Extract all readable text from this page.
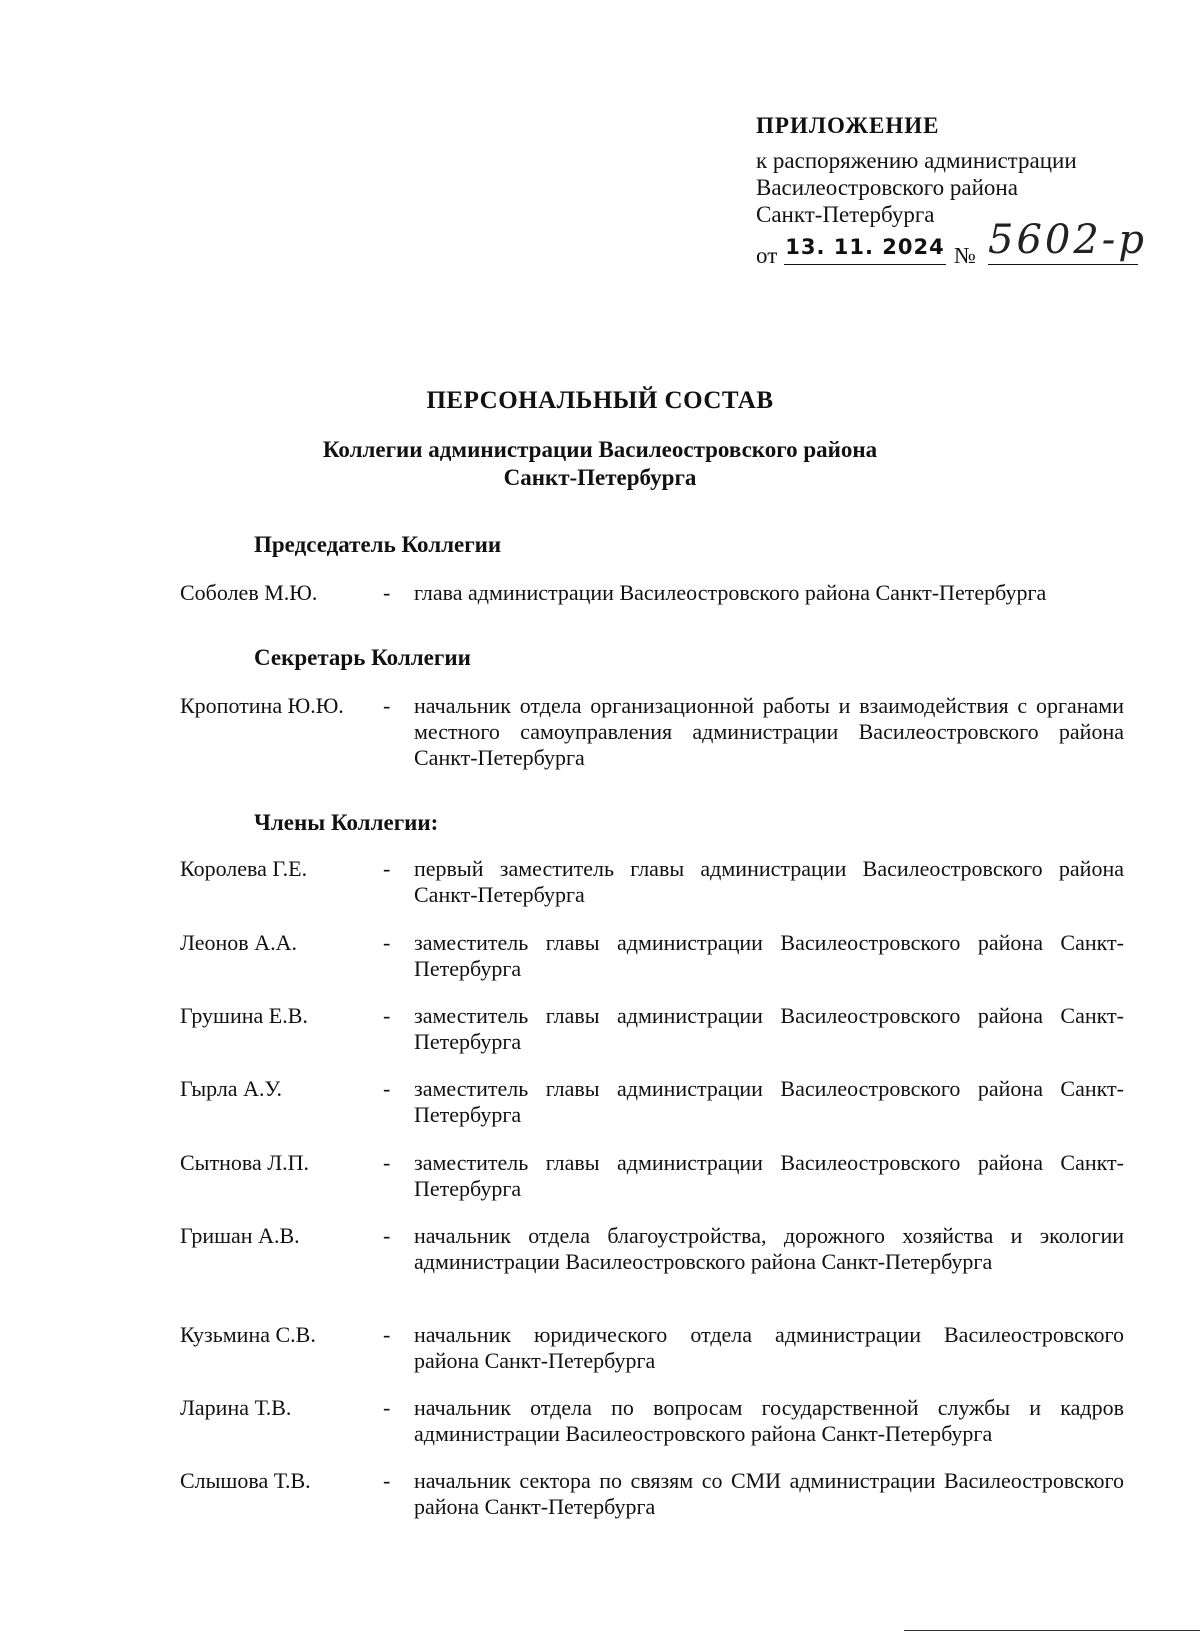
ПРИЛОЖЕНИЕ
к распоряжению администрации
Василеостровского района
Санкт-Петербурга
от 13. 11. 2024 № 5602-р
ПЕРСОНАЛЬНЫЙ СОСТАВ
Коллегии администрации Василеостровского района
Санкт-Петербурга
Председатель Коллегии
Соболев М.Ю.	- глава администрации Василеостровского района Санкт-Петербурга
Секретарь Коллегии
Кропотина Ю.Ю. - начальник отдела организационной работы и взаимодействия с органами местного самоуправления администрации Василеостровского района Санкт-Петербурга
Члены Коллегии:
Королева Г.Е.	- первый заместитель главы администрации Василеостровского района Санкт-Петербурга
Леонов А.А.	- заместитель главы администрации Василеостровского района Санкт-Петербурга
Грушина Е.В.	- заместитель главы администрации Василеостровского района Санкт-Петербурга
Гырла А.У.	- заместитель главы администрации Василеостровского района Санкт-Петербурга
Сытнова Л.П.	- заместитель главы администрации Василеостровского района Санкт-Петербурга
Гришан А.В.	- начальник отдела благоустройства, дорожного хозяйства и экологии администрации Василеостровского района Санкт-Петербурга
Кузьмина С.В.	- начальник юридического отдела администрации Василеостровского района Санкт-Петербурга
Ларина Т.В.	- начальник отдела по вопросам государственной службы и кадров администрации Василеостровского района Санкт-Петербурга
Слышова Т.В.	- начальник сектора по связям со СМИ администрации Василеостровского района Санкт-Петербурга
